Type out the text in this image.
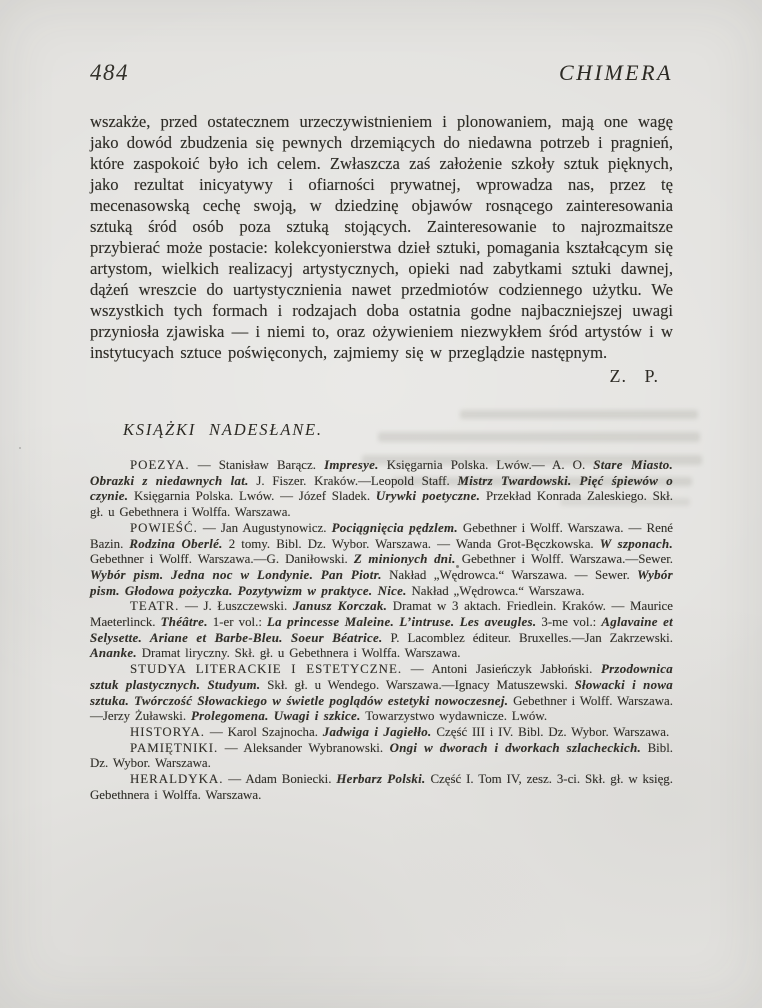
484	CHIMERA

wszakże, przed ostatecznem urzeczywistnieniem i plonowaniem, mają one wagę jako dowód zbudzenia się pewnych drzemiących do niedawna potrzeb i pragnień, które zaspokoić było ich celem. Zwłaszcza zaś założenie szkoły sztuk pięknych, jako rezultat inicyatywy i ofiarności prywatnej, wprowadza nas, przez tę mecenasowską cechę swoją, w dziedzinę objawów rosnącego zainteresowania sztuką śród osób poza sztuką stojących. Zainteresowanie to najrozmaitsze przybierać może postacie: kolekcyonierstwa dzieł sztuki, pomagania kształcącym się artystom, wielkich realizacyj artystycznych, opieki nad zabytkami sztuki dawnej, dążeń wreszcie do uartystycznienia nawet przedmiotów codziennego użytku. We wszystkich tych formach i rodzajach doba ostatnia godne najbaczniejszej uwagi przyniosła zjawiska — i niemi to, oraz ożywieniem niezwykłem śród artystów i w instytucyach sztuce poświęconych, zajmiemy się w przeglądzie następnym.

Z. P.

KSIĄŻKI NADESŁANE.

POEZYA. — Stanisław Barącz. Impresye. Księgarnia Polska. Lwów.— A. O. Stare Miasto. Obrazki z niedawnych lat. J. Fiszer. Kraków.—Leopold Staff. Mistrz Twardowski. Pięć śpiewów o czynie. Księgarnia Polska. Lwów. — Józef Sladek. Urywki poetyczne. Przekład Konrada Zaleskiego. Skł. gł. u Gebethnera i Wolffa. Warszawa.

POWIEŚĆ. — Jan Augustynowicz. Pociągnięcia pędzlem. Gebethner i Wolff. Warszawa. — René Bazin. Rodzina Oberlé. 2 tomy. Bibl. Dz. Wybor. Warszawa. — Wanda Grot-Bęczkowska. W szponach. Gebethner i Wolff. Warszawa.—G. Daniłowski. Z minionych dni. Gebethner i Wolff. Warszawa.—Sewer. Wybór pism. Jedna noc w Londynie. Pan Piotr. Nakład „Wędrowca.“ Warszawa. — Sewer. Wybór pism. Głodowa pożyczka. Pozytywizm w praktyce. Nice. Nakład „Wędrowca.“ Warszawa.

TEATR. — J. Łuszczewski. Janusz Korczak. Dramat w 3 aktach. Friedlein. Kraków. — Maurice Maeterlinck. Théâtre. 1-er vol.: La princesse Maleine. L’intruse. Les aveugles. 3-me vol.: Aglavaine et Selysette. Ariane et Barbe-Bleu. Soeur Béatrice. P. Lacomblez éditeur. Bruxelles.—Jan Zakrzewski. Ananke. Dramat liryczny. Skł. gł. u Gebethnera i Wolffa. Warszawa.

STUDYA LITERACKIE I ESTETYCZNE. — Antoni Jasieńczyk Jabłoński. Przodownica sztuk plastycznych. Studyum. Skł. gł. u Wendego. Warszawa.—Ignacy Matuszewski. Słowacki i nowa sztuka. Twórczość Słowackiego w świetle poglądów estetyki nowoczesnej. Gebethner i Wolff. Warszawa.—Jerzy Żuławski. Prolegomena. Uwagi i szkice. Towarzystwo wydawnicze. Lwów.

HISTORYA. — Karol Szajnocha. Jadwiga i Jagiełło. Część III i IV. Bibl. Dz. Wybor. Warszawa.

PAMIĘTNIKI. — Aleksander Wybranowski. Ongi w dworach i dworkach szlacheckich. Bibl. Dz. Wybor. Warszawa.

HERALDYKA. — Adam Boniecki. Herbarz Polski. Część I. Tom IV, zesz. 3-ci. Skł. gł. w księg. Gebethnera i Wolffa. Warszawa.
